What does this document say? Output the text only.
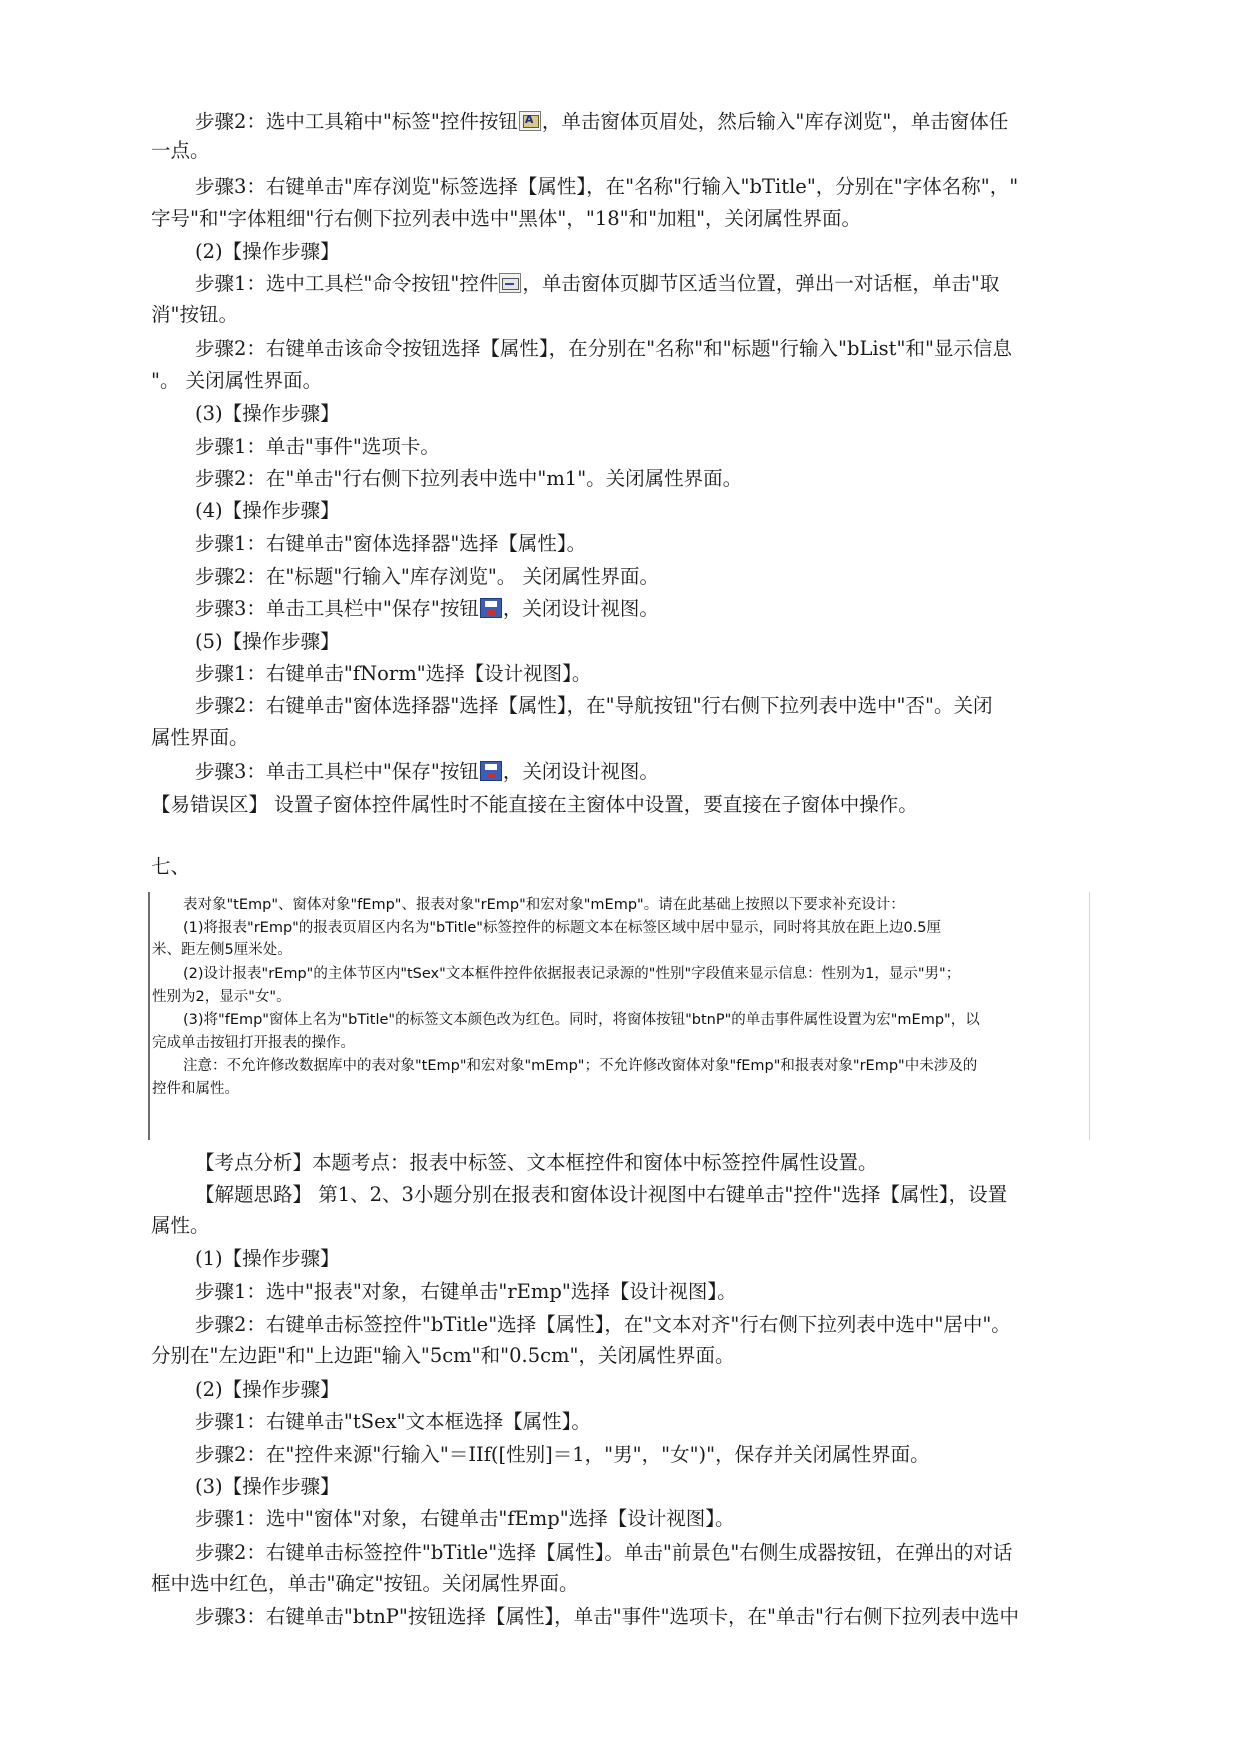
步骤2：选中工具箱中"标签"控件按钮A ，单击窗体页眉处，然后输入"库存浏览"，单击窗体任
一点。
步骤3：右键单击"库存浏览"标签选择【属性】，在"名称"行输入"bTitle"，分别在"字体名称"，"
字号"和"字体粗细"行右侧下拉列表中选中"黑体"，"18"和"加粗"，关闭属性界面。
(2)【操作步骤】
步骤1：选中工具栏"命令按钮"控件 ，单击窗体页脚节区适当位置，弹出一对话框，单击"取
消"按钮。
步骤2：右键单击该命令按钮选择【属性】，在分别在"名称"和"标题"行输入"bList"和"显示信息
"。 关闭属性界面。
(3)【操作步骤】
步骤1：单击"事件"选项卡。
步骤2：在"单击"行右侧下拉列表中选中"m1"。关闭属性界面。
(4)【操作步骤】
步骤1：右键单击"窗体选择器"选择【属性】。
步骤2：在"标题"行输入"库存浏览"。 关闭属性界面。
步骤3：单击工具栏中"保存"按钮 ，关闭设计视图。
(5)【操作步骤】
步骤1：右键单击"fNorm"选择【设计视图】。
步骤2：右键单击"窗体选择器"选择【属性】，在"导航按钮"行右侧下拉列表中选中"否"。关闭
属性界面。
步骤3：单击工具栏中"保存"按钮 ，关闭设计视图。
【易错误区】 设置子窗体控件属性时不能直接在主窗体中设置，要直接在子窗体中操作。
七、
表对象"tEmp"、窗体对象"fEmp"、报表对象"rEmp"和宏对象"mEmp"。请在此基础上按照以下要求补充设计：
(1)将报表"rEmp"的报表页眉区内名为"bTitle"标签控件的标题文本在标签区域中居中显示，同时将其放在距上边0.5厘
米、距左侧5厘米处。
(2)设计报表"rEmp"的主体节区内"tSex"文本框件控件依据报表记录源的"性别"字段值来显示信息：性别为1，显示"男"；
性别为2，显示"女"。
(3)将"fEmp"窗体上名为"bTitle"的标签文本颜色改为红色。同时，将窗体按钮"btnP"的单击事件属性设置为宏"mEmp"，以
完成单击按钮打开报表的操作。
注意：不允许修改数据库中的表对象"tEmp"和宏对象"mEmp"；不允许修改窗体对象"fEmp"和报表对象"rEmp"中未涉及的
控件和属性。
【考点分析】本题考点：报表中标签、文本框控件和窗体中标签控件属性设置。
【解题思路】 第1、2、3小题分别在报表和窗体设计视图中右键单击"控件"选择【属性】，设置
属性。
(1)【操作步骤】
步骤1：选中"报表"对象，右键单击"rEmp"选择【设计视图】。
步骤2：右键单击标签控件"bTitle"选择【属性】，在"文本对齐"行右侧下拉列表中选中"居中"。
分别在"左边距"和"上边距"输入"5cm"和"0.5cm"，关闭属性界面。
(2)【操作步骤】
步骤1：右键单击"tSex"文本框选择【属性】。
步骤2：在"控件来源"行输入"＝IIf([性别]＝1，"男"，"女")"，保存并关闭属性界面。
(3)【操作步骤】
步骤1：选中"窗体"对象，右键单击"fEmp"选择【设计视图】。
步骤2：右键单击标签控件"bTitle"选择【属性】。单击"前景色"右侧生成器按钮，在弹出的对话
框中选中红色，单击"确定"按钮。关闭属性界面。
步骤3：右键单击"btnP"按钮选择【属性】，单击"事件"选项卡，在"单击"行右侧下拉列表中选中
